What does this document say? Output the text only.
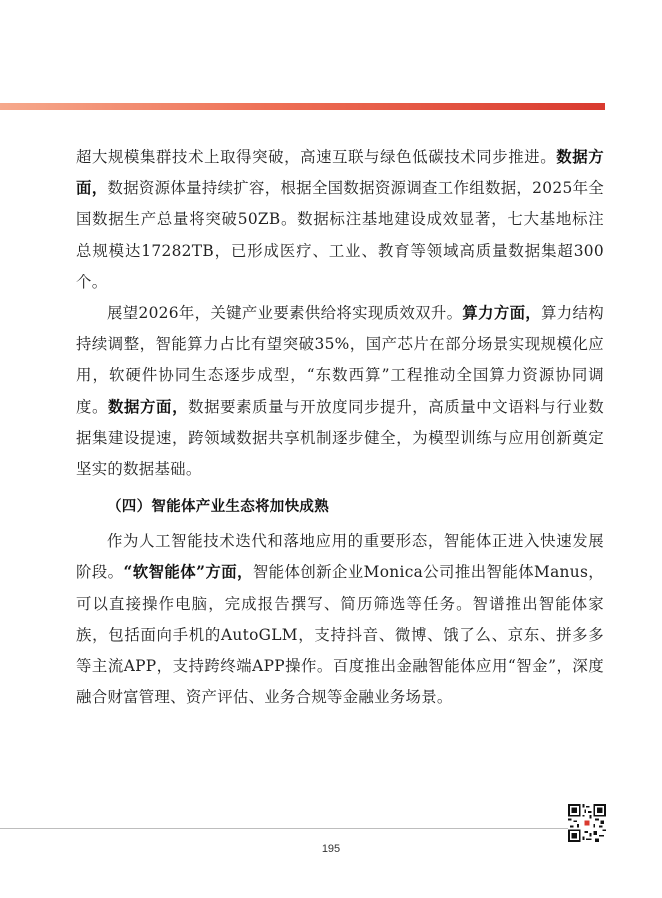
超大规模集群技术上取得突破，高速互联与绿色低碳技术同步推进。数据方面，数据资源体量持续扩容，根据全国数据资源调查工作组数据，2025年全国数据生产总量将突破50ZB。数据标注基地建设成效显著，七大基地标注总规模达17282TB，已形成医疗、工业、教育等领域高质量数据集超300个。

展望2026年，关键产业要素供给将实现质效双升。算力方面，算力结构持续调整，智能算力占比有望突破35%，国产芯片在部分场景实现规模化应用，软硬件协同生态逐步成型，“东数西算”工程推动全国算力资源协同调度。数据方面，数据要素质量与开放度同步提升，高质量中文语料与行业数据集建设提速，跨领域数据共享机制逐步健全，为模型训练与应用创新奠定坚实的数据基础。

（四）智能体产业生态将加快成熟

作为人工智能技术迭代和落地应用的重要形态，智能体正进入快速发展阶段。“软智能体”方面，智能体创新企业Monica公司推出智能体Manus，可以直接操作电脑，完成报告撰写、简历筛选等任务。智谱推出智能体家族，包括面向手机的AutoGLM，支持抖音、微博、饿了么、京东、拼多多等主流APP，支持跨终端APP操作。百度推出金融智能体应用“智金”，深度融合财富管理、资产评估、业务合规等金融业务场景。

195
